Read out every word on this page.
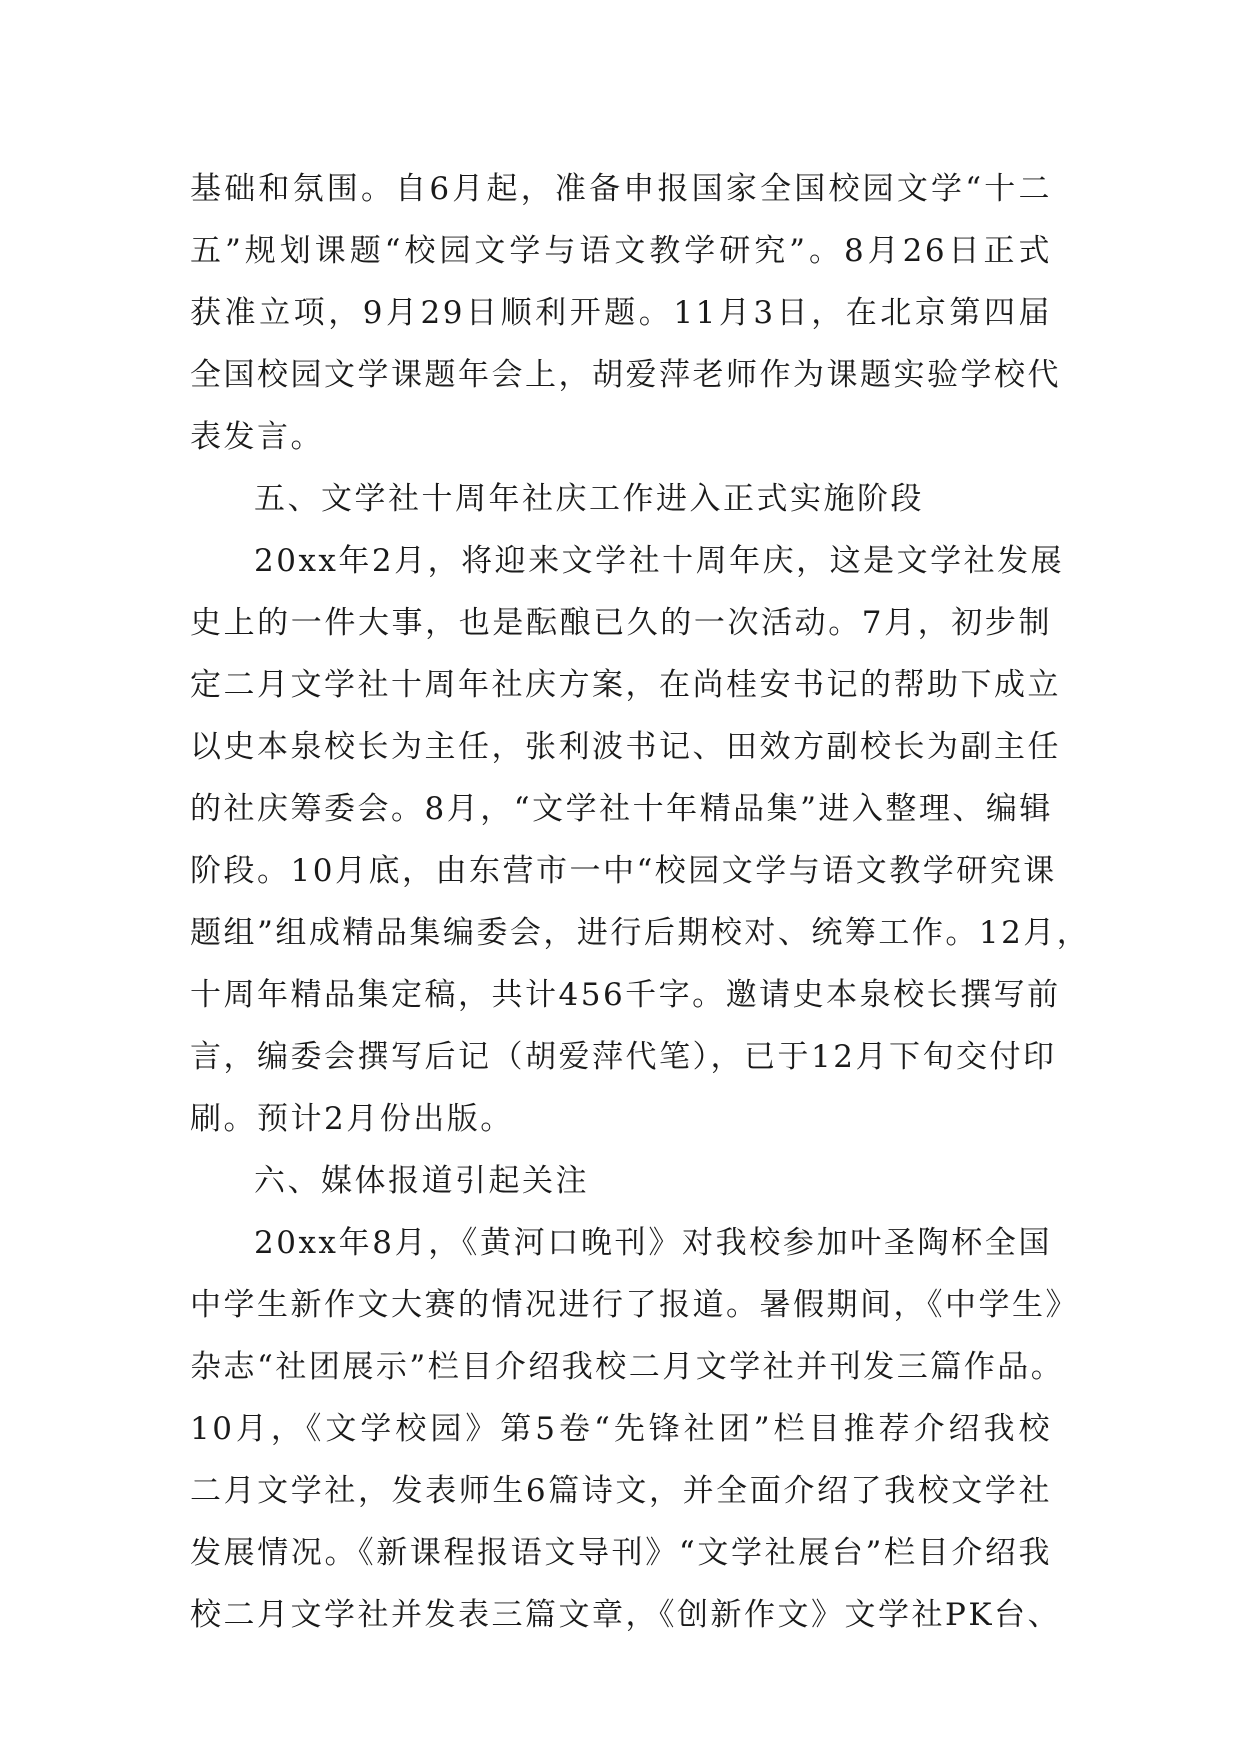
基础和氛围。自6月起，准备申报国家全国校园文学“十二
五”规划课题“校园文学与语文教学研究”。8月26日正式
获准立项，9月29日顺利开题。11月3日，在北京第四届
全国校园文学课题年会上，胡爱萍老师作为课题实验学校代
表发言。
五、文学社十周年社庆工作进入正式实施阶段
20xx年2月，将迎来文学社十周年庆，这是文学社发展
史上的一件大事，也是酝酿已久的一次活动。7月，初步制
定二月文学社十周年社庆方案，在尚桂安书记的帮助下成立
以史本泉校长为主任，张利波书记、田效方副校长为副主任
的社庆筹委会。8月，“文学社十年精品集”进入整理、编辑
阶段。10月底，由东营市一中“校园文学与语文教学研究课
题组”组成精品集编委会，进行后期校对、统筹工作。12月，
十周年精品集定稿，共计456千字。邀请史本泉校长撰写前
言，编委会撰写后记（胡爱萍代笔），已于12月下旬交付印
刷。预计2月份出版。
六、媒体报道引起关注
20xx年8月，《黄河口晚刊》对我校参加叶圣陶杯全国
中学生新作文大赛的情况进行了报道。暑假期间，《中学生》
杂志“社团展示”栏目介绍我校二月文学社并刊发三篇作品。
10月，《文学校园》第5卷“先锋社团”栏目推荐介绍我校
二月文学社，发表师生6篇诗文，并全面介绍了我校文学社
发展情况。《新课程报语文导刊》“文学社展台”栏目介绍我
校二月文学社并发表三篇文章，《创新作文》文学社PK台、
